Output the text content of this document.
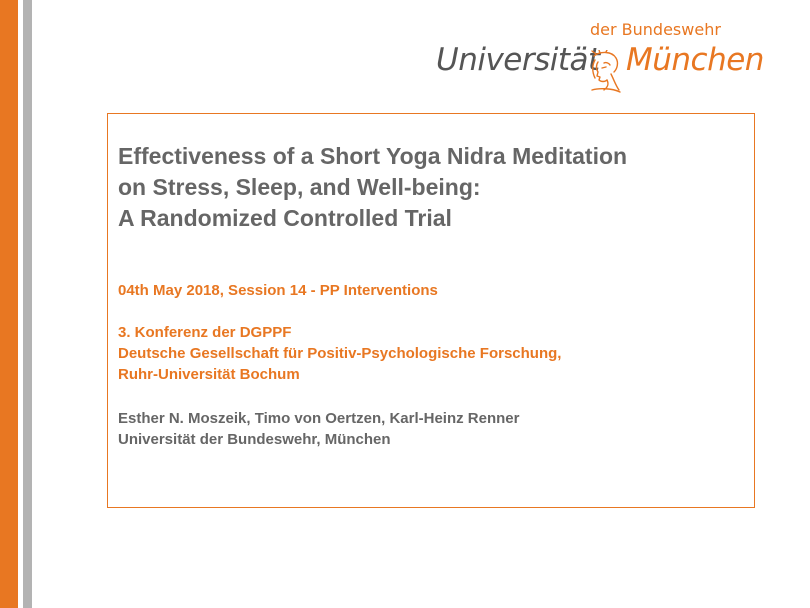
der Bundeswehr
Universität München
Effectiveness of a Short Yoga Nidra Meditation
on Stress, Sleep, and Well-being:
A Randomized Controlled Trial

04th May 2018, Session 14 - PP Interventions

3. Konferenz der DGPPF
Deutsche Gesellschaft für Positiv-Psychologische Forschung,
Ruhr-Universität Bochum

Esther N. Moszeik, Timo von Oertzen, Karl-Heinz Renner
Universität der Bundeswehr, München
